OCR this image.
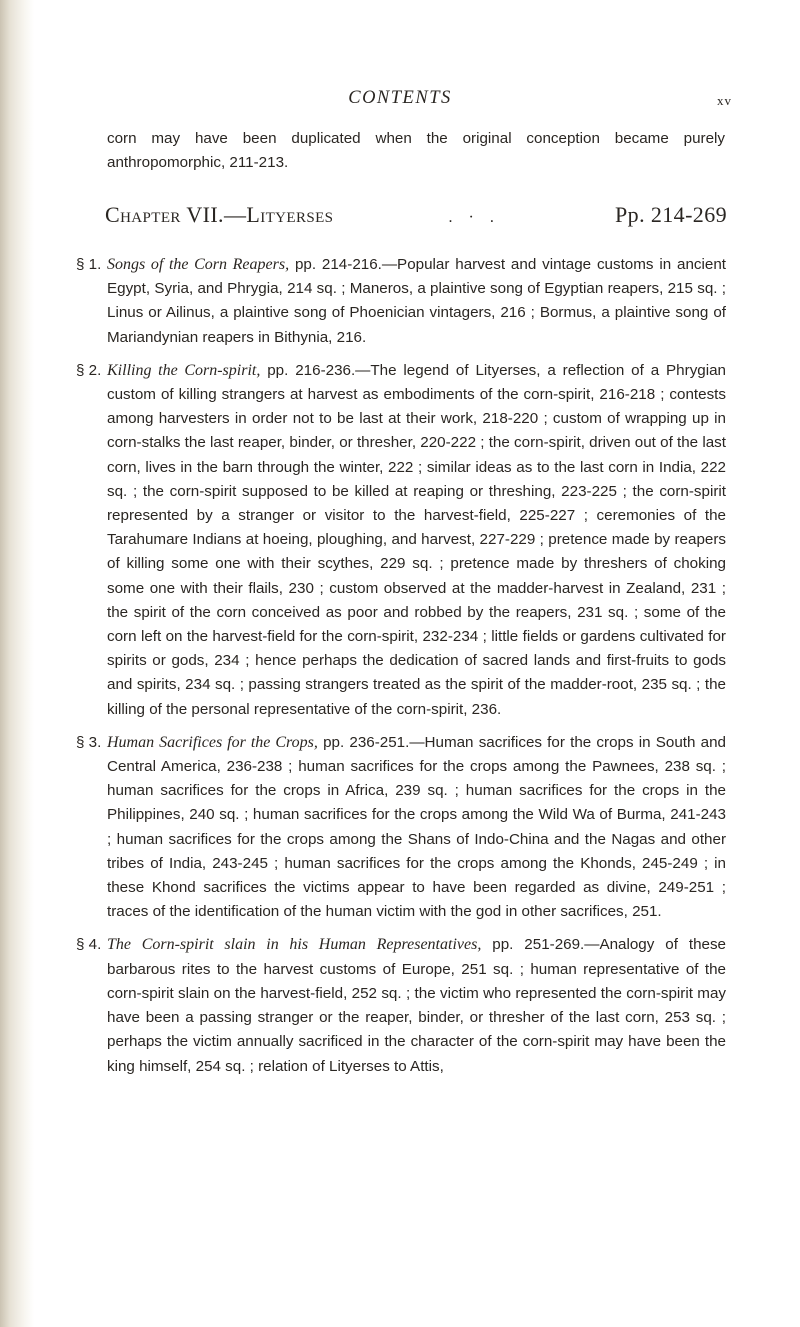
CONTENTS	xv
corn may have been duplicated when the original conception became purely anthropomorphic, 211-213.
Chapter VII.—Lityerses	. · .	Pp. 214-269
§ 1. Songs of the Corn Reapers, pp. 214-216.—Popular harvest and vintage customs in ancient Egypt, Syria, and Phrygia, 214 sq. ; Maneros, a plaintive song of Egyptian reapers, 215 sq. ; Linus or Ailinus, a plaintive song of Phoenician vintagers, 216 ; Bormus, a plaintive song of Mariandynian reapers in Bithynia, 216.
§ 2. Killing the Corn-spirit, pp. 216-236.—The legend of Lityerses, a reflection of a Phrygian custom of killing strangers at harvest as embodiments of the corn-spirit, 216-218 ; contests among harvesters in order not to be last at their work, 218-220 ; custom of wrapping up in corn-stalks the last reaper, binder, or thresher, 220-222 ; the corn-spirit, driven out of the last corn, lives in the barn through the winter, 222 ; similar ideas as to the last corn in India, 222 sq. ; the corn-spirit supposed to be killed at reaping or threshing, 223-225 ; the corn-spirit represented by a stranger or visitor to the harvest-field, 225-227 ; ceremonies of the Tarahumare Indians at hoeing, ploughing, and harvest, 227-229 ; pretence made by reapers of killing some one with their scythes, 229 sq. ; pretence made by threshers of choking some one with their flails, 230 ; custom observed at the madder-harvest in Zealand, 231 ; the spirit of the corn conceived as poor and robbed by the reapers, 231 sq. ; some of the corn left on the harvest-field for the corn-spirit, 232-234 ; little fields or gardens cultivated for spirits or gods, 234 ; hence perhaps the dedication of sacred lands and first-fruits to gods and spirits, 234 sq. ; passing strangers treated as the spirit of the madder-root, 235 sq. ; the killing of the personal representative of the corn-spirit, 236.
§ 3. Human Sacrifices for the Crops, pp. 236-251.—Human sacrifices for the crops in South and Central America, 236-238 ; human sacrifices for the crops among the Pawnees, 238 sq. ; human sacrifices for the crops in Africa, 239 sq. ; human sacrifices for the crops in the Philippines, 240 sq. ; human sacrifices for the crops among the Wild Wa of Burma, 241-243 ; human sacrifices for the crops among the Shans of Indo-China and the Nagas and other tribes of India, 243-245 ; human sacrifices for the crops among the Khonds, 245-249 ; in these Khond sacrifices the victims appear to have been regarded as divine, 249-251 ; traces of the identification of the human victim with the god in other sacrifices, 251.
§ 4. The Corn-spirit slain in his Human Representatives, pp. 251-269.—Analogy of these barbarous rites to the harvest customs of Europe, 251 sq. ; human representative of the corn-spirit slain on the harvest-field, 252 sq. ; the victim who represented the corn-spirit may have been a passing stranger or the reaper, binder, or thresher of the last corn, 253 sq. ; perhaps the victim annually sacrificed in the character of the corn-spirit may have been the king himself, 254 sq. ; relation of Lityerses to Attis,
